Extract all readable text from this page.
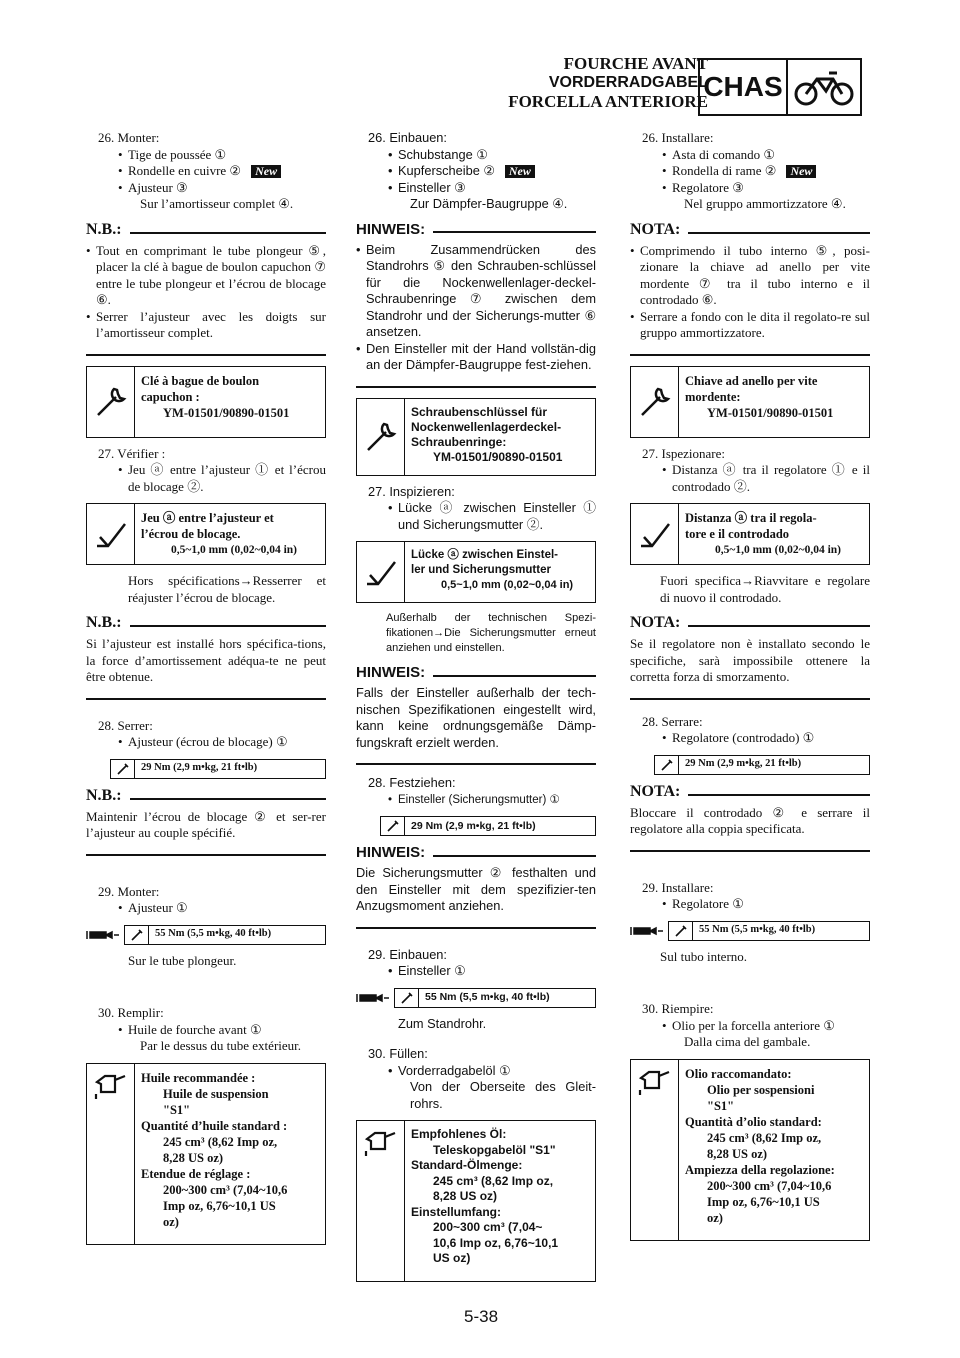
FOURCHE AVANT
VORDERRADGABEL
FORCELLA ANTERIORE
CHAS
26. Monter:
• Tige de poussée ①
• Rondelle en cuivre ② New
• Ajusteur ③
Sur l’amortisseur complet ④.
N.B.:
• Tout en comprimant le tube plongeur ⑤, placer la clé à bague de boulon capuchon ⑦ entre le tube plongeur et l’écrou de blocage ⑥.
• Serrer l’ajusteur avec les doigts sur l’amortisseur complet.
Clé à bague de boulon
capuchon :
YM-01501/90890-01501
27. Vérifier :
• Jeu ⓐ entre l’ajusteur ① et l’écrou de blocage ②.
Jeu ⓐ entre l’ajusteur et
l’écrou de blocage.
0,5~1,0 mm (0,02~0,04 in)
Hors spécifications→Resserrer et réajuster l’écrou de blocage.
N.B.:
Si l’ajusteur est installé hors spécifica-tions, la force d’amortissement adéqua-te ne peut être obtenue.
28. Serrer:
• Ajusteur (écrou de blocage) ①
29 Nm (2,9 m•kg, 21 ft•lb)
N.B.:
Maintenir l’écrou de blocage ② et ser-rer l’ajusteur au couple spécifié.
29. Monter:
• Ajusteur ①
55 Nm (5,5 m•kg, 40 ft•lb)
Sur le tube plongeur.
30. Remplir:
• Huile de fourche avant ①
Par le dessus du tube extérieur.
Huile recommandée :
Huile de suspension
"S1"
Quantité d’huile standard :
245 cm³ (8,62 Imp oz,
8,28 US oz)
Etendue de réglage :
200~300 cm³ (7,04~10,6
Imp oz, 6,76~10,1 US
oz)
26. Einbauen:
• Schubstange ①
• Kupferscheibe ② New
• Einsteller ③
Zur Dämpfer-Baugruppe ④.
HINWEIS:
• Beim Zusammendrücken des Standrohrs ⑤ den Schrauben-schlüssel für die Nockenwellenlager-deckel-Schraubenringe ⑦ zwischen dem Standrohr und der Sicherungs-mutter ⑥ ansetzen.
• Den Einsteller mit der Hand vollstän-dig an der Dämpfer-Baugruppe fest-ziehen.
Schraubenschlüssel für
Nockenwellenlagerdeckel-
Schraubenringe:
YM-01501/90890-01501
27. Inspizieren:
• Lücke ⓐ zwischen Einsteller ① und Sicherungsmutter ②.
Lücke ⓐ zwischen Einstel-
ler und Sicherungsmutter
0,5~1,0 mm (0,02~0,04 in)
Außerhalb der technischen Spezi-fikationen→Die Sicherungsmutter erneut anziehen und einstellen.
HINWEIS:
Falls der Einsteller außerhalb der tech-nischen Spezifikationen eingestellt wird, kann keine ordnungsgemäße Dämp-fungskraft erzielt werden.
28. Festziehen:
• Einsteller (Sicherungsmutter) ①
29 Nm (2,9 m•kg, 21 ft•lb)
HINWEIS:
Die Sicherungsmutter ② festhalten und den Einsteller mit dem spezifizier-ten Anzugsmoment anziehen.
29. Einbauen:
• Einsteller ①
55 Nm (5,5 m•kg, 40 ft•lb)
Zum Standrohr.
30. Füllen:
• Vorderradgabelöl ①
Von der Oberseite des Gleit-rohrs.
Empfohlenes Öl:
Teleskopgabelöl "S1"
Standard-Ölmenge:
245 cm³ (8,62 Imp oz,
8,28 US oz)
Einstellumfang:
200~300 cm³ (7,04~
10,6 Imp oz, 6,76~10,1
US oz)
26. Installare:
• Asta di comando ①
• Rondella di rame ② New
• Regolatore ③
Nel gruppo ammortizzatore ④.
NOTA:
• Comprimendo il tubo interno ⑤, posi-zionare la chiave ad anello per vite mordente ⑦ tra il tubo interno e il controdado ⑥.
• Serrare a fondo con le dita il regolato-re sul gruppo ammortizzatore.
Chiave ad anello per vite
mordente:
YM-01501/90890-01501
27. Ispezionare:
• Distanza ⓐ tra il regolatore ① e il controdado ②.
Distanza ⓐ tra il regola-
tore e il controdado
0,5~1,0 mm (0,02~0,04 in)
Fuori specifica→Riavvitare e regolare di nuovo il controdado.
NOTA:
Se il regolatore non è installato secondo le specifiche, sarà impossibile ottenere la corretta forza di smorzamento.
28. Serrare:
• Regolatore (controdado) ①
29 Nm (2,9 m•kg, 21 ft•lb)
NOTA:
Bloccare il controdado ② e serrare il regolatore alla coppia specificata.
29. Installare:
• Regolatore ①
55 Nm (5,5 m•kg, 40 ft•lb)
Sul tubo interno.
30. Riempire:
• Olio per la forcella anteriore ①
Dalla cima del gambale.
Olio raccomandato:
Olio per sospensioni
"S1"
Quantità d’olio standard:
245 cm³ (8,62 Imp oz,
8,28 US oz)
Ampiezza della regolazione:
200~300 cm³ (7,04~10,6
Imp oz, 6,76~10,1 US
oz)
5-38
